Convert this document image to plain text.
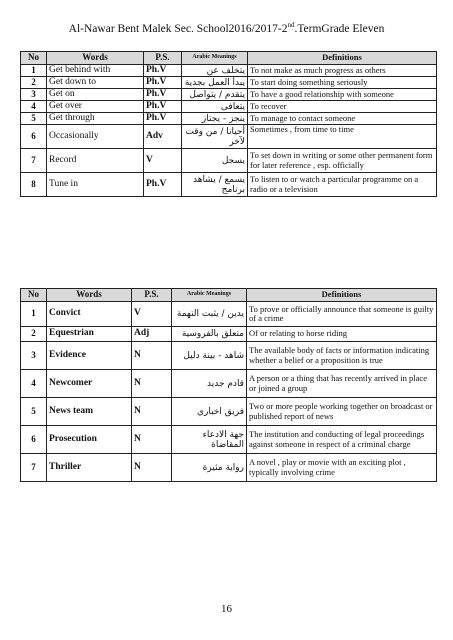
Al-Nawar Bent Malek Sec. School2016/2017-2nd.TermGrade Eleven
No	Words	P.S.	Arabic Meanings	Definitions
1	Get behind with	Ph.V	يتخلف عن	To not make as much progress as others
2	Get down to	Ph.V	يبدأ العمل بجدية	To start doing something seriously
3	Get on	Ph.V	يتقدم / يتواصل	To have a good relationship with someone
4	Get over	Ph.V	يتعافى	To recover
5	Get through	Ph.V	ينجز - يجتاز	To manage to contact someone
6	Occasionally	Adv	أحيانا / من وقت لآخر	Sometimes , from time to time
7	Record	V	يسجل	To set down in writing or some other permanent form for later reference , esp. officially
8	Tune in	Ph.V	يسمع / يشاهد برنامج	To listen to or watch a particular programme on a radio or a television
No	Words	P.S.	Arabic Meanings	Definitions
1	Convict	V	يدين / يثبت التهمة	To prove or officially announce that someone is guilty of a crime
2	Equestrian	Adj	متعلق بالفروسية	Of or relating to horse riding
3	Evidence	N	شاهد - بينة دليل	The available body of facts or information indicating whether a belief or a proposition is true
4	Newcomer	N	قادم جديد	A person or a thing that has recently arrived in place or joined a group
5	News team	N	فريق اخباري	Two or more people working together on broadcast or published report of news
6	Prosecution	N	جهة الادعاء المقاضاة	The institution and conducting of legal proceedings against someone in respect of a criminal charge
7	Thriller	N	رواية مثيرة	A novel , play or movie with an exciting plot , typically involving crime
16
